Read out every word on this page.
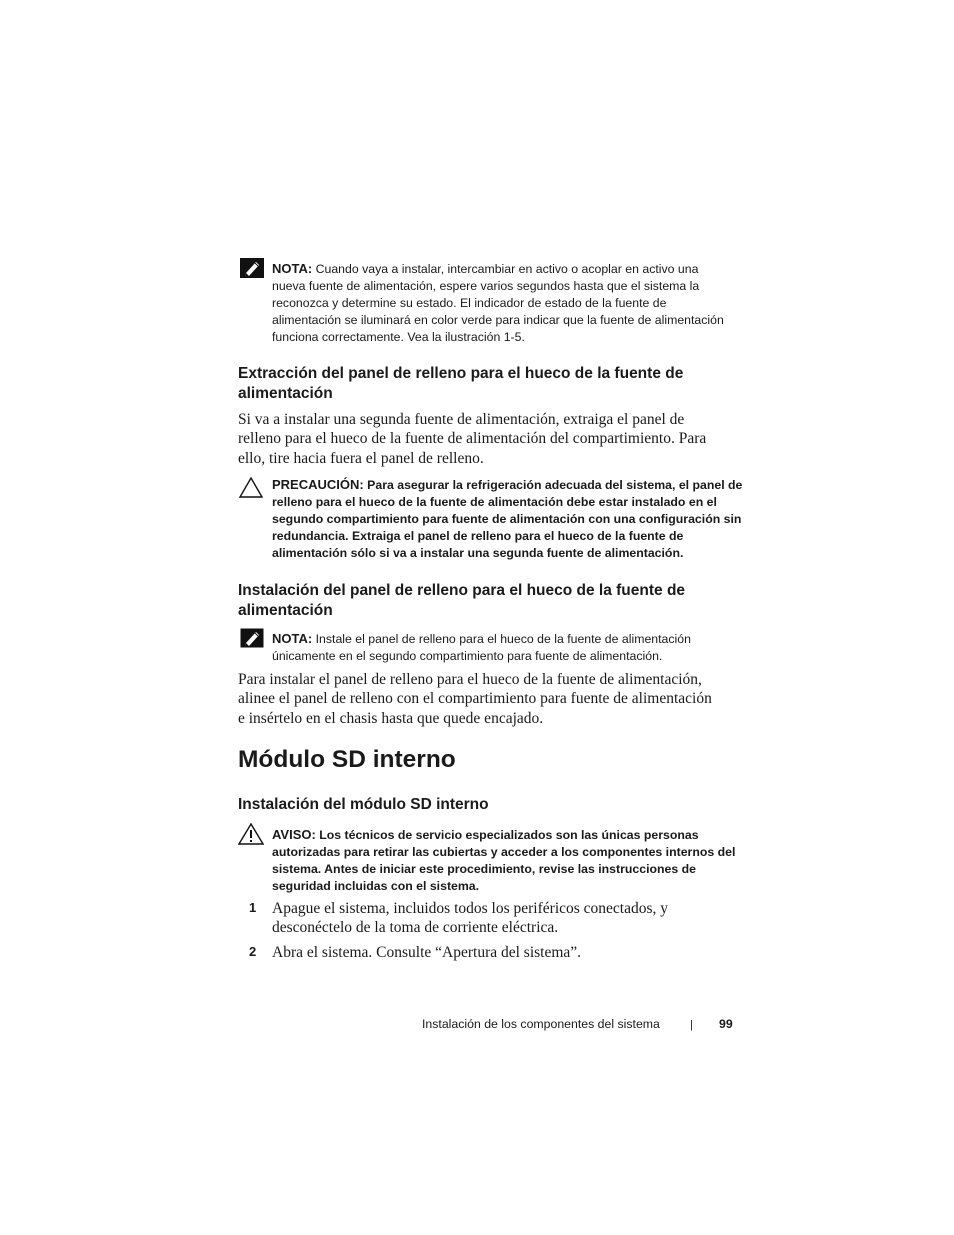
NOTA: Cuando vaya a instalar, intercambiar en activo o acoplar en activo una
nueva fuente de alimentación, espere varios segundos hasta que el sistema la
reconozca y determine su estado. El indicador de estado de la fuente de
alimentación se iluminará en color verde para indicar que la fuente de alimentación
funciona correctamente. Vea la ilustración 1-5.
Extracción del panel de relleno para el hueco de la fuente de
alimentación
Si va a instalar una segunda fuente de alimentación, extraiga el panel de
relleno para el hueco de la fuente de alimentación del compartimiento. Para
ello, tire hacia fuera el panel de relleno.
PRECAUCIÓN: Para asegurar la refrigeración adecuada del sistema, el panel de
relleno para el hueco de la fuente de alimentación debe estar instalado en el
segundo compartimiento para fuente de alimentación con una configuración sin
redundancia. Extraiga el panel de relleno para el hueco de la fuente de
alimentación sólo si va a instalar una segunda fuente de alimentación.
Instalación del panel de relleno para el hueco de la fuente de
alimentación
NOTA: Instale el panel de relleno para el hueco de la fuente de alimentación
únicamente en el segundo compartimiento para fuente de alimentación.
Para instalar el panel de relleno para el hueco de la fuente de alimentación,
alinee el panel de relleno con el compartimiento para fuente de alimentación
e insértelo en el chasis hasta que quede encajado.
Módulo SD interno
Instalación del módulo SD interno
AVISO: Los técnicos de servicio especializados son las únicas personas
autorizadas para retirar las cubiertas y acceder a los componentes internos del
sistema. Antes de iniciar este procedimiento, revise las instrucciones de
seguridad incluidas con el sistema.
1 Apague el sistema, incluidos todos los periféricos conectados, y
desconéctelo de la toma de corriente eléctrica.
2 Abra el sistema. Consulte “Apertura del sistema”.
Instalación de los componentes del sistema	| 99
